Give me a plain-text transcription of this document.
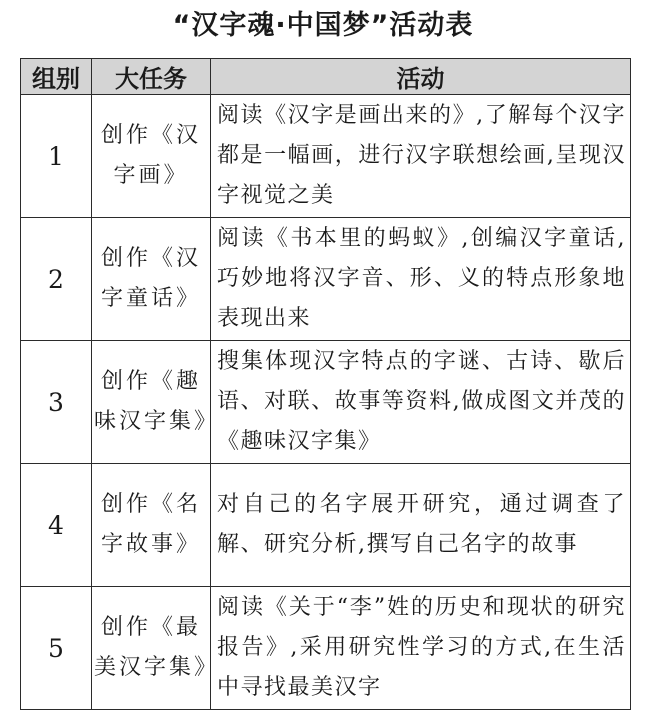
“汉字魂·中国梦”活动表
组别	大任务	活动
1	创作《汉字画》	阅读《汉字是画出来的》,了解每个汉字都是一幅画，进行汉字联想绘画,呈现汉字视觉之美
2	创作《汉字童话》	阅读《书本里的蚂蚁》,创编汉字童话,巧妙地将汉字音、形、义的特点形象地表现出来
3	创作《趣味汉字集》	搜集体现汉字特点的字谜、古诗、歇后语、对联、故事等资料,做成图文并茂的《趣味汉字集》
4	创作《名字故事》	对自己的名字展开研究，通过调查了解、研究分析,撰写自己名字的故事
5	创作《最美汉字集》	阅读《关于“李”姓的历史和现状的研究报告》,采用研究性学习的方式,在生活中寻找最美汉字
